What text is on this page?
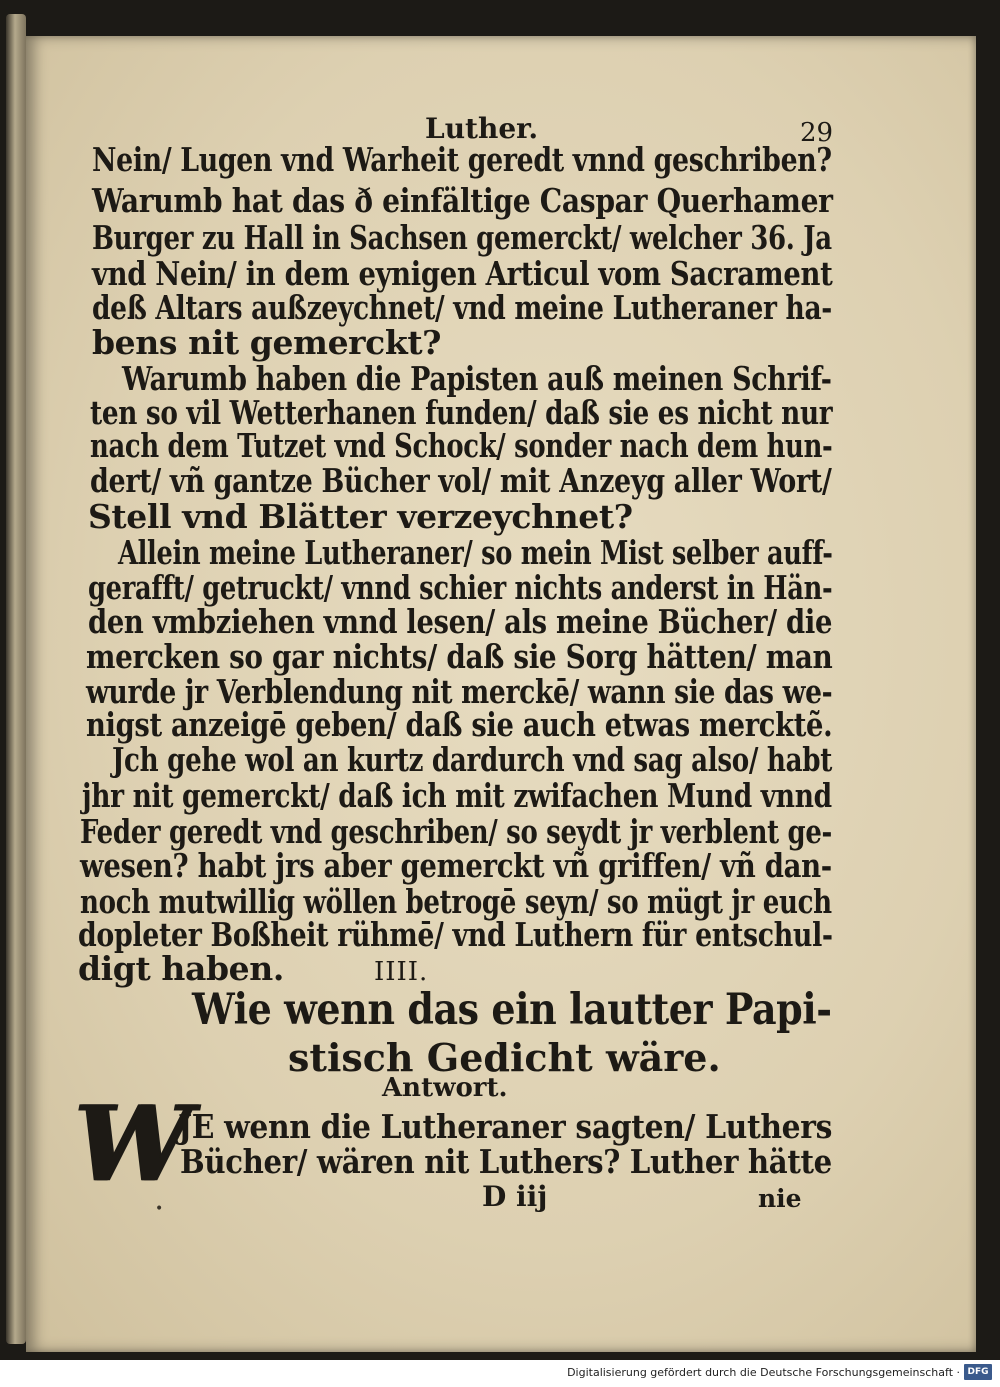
Luther.	29
Nein/ Lugen vnd Warheit geredt vnnd geschriben?
Warumb hat das ð einfältige Caspar Querhamer
Burger zu Hall in Sachsen gemerckt/ welcher 36. Ja
vnd Nein/ in dem eynigen Articul vom Sacrament
deß Altars außzeychnet/ vnd meine Lutheraner ha-
bens nit gemerckt?
Warumb haben die Papisten auß meinen Schrif-
ten so vil Wetterhanen funden/ daß sie es nicht nur
nach dem Tutzet vnd Schock/ sonder nach dem hun-
dert/ vñ gantze Bücher vol/ mit Anzeyg aller Wort/
Stell vnd Blätter verzeychnet?
Allein meine Lutheraner/ so mein Mist selber auff-
gerafft/ getruckt/ vnnd schier nichts anderst in Hän-
den vmbziehen vnnd lesen/ als meine Bücher/ die
mercken so gar nichts/ daß sie Sorg hätten/ man
wurde jr Verblendung nit merckē/ wann sie das we-
nigst anzeigē geben/ daß sie auch etwas mercktẽ.
Jch gehe wol an kurtz dardurch vnd sag also/ habt
jhr nit gemerckt/ daß ich mit zwifachen Mund vnnd
Feder geredt vnd geschriben/ so seydt jr verblent ge-
wesen? habt jrs aber gemerckt vñ griffen/ vñ dan-
noch mutwillig wöllen betrogē seyn/ so mügt jr euch
dopleter Boßheit rühmē/ vnd Luthern für entschul-
digt haben.	IIII.
Wie wenn das ein lautter Papi-
stisch Gedicht wäre.
Antwort.
W
JE wenn die Lutheraner sagten/ Luthers
Bücher/ wären nit Luthers? Luther hätte
•	D iij	nie
Digitalisierung gefördert durch die Deutsche Forschungsgemeinschaft · DFG
